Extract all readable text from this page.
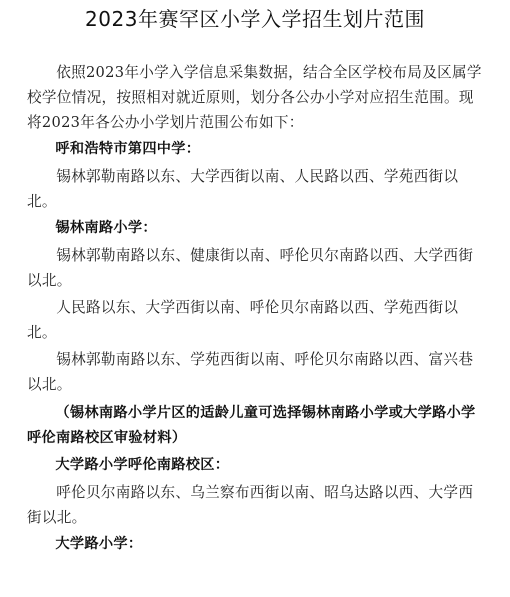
2023年赛罕区小学入学招生划片范围
依照2023年小学入学信息采集数据，结合全区学校布局及区属学校学位情况，按照相对就近原则，划分各公办小学对应招生范围。现将2023年各公办小学划片范围公布如下：
呼和浩特市第四中学：
锡林郭勒南路以东、大学西街以南、人民路以西、学苑西街以北。
锡林南路小学：
锡林郭勒南路以东、健康街以南、呼伦贝尔南路以西、大学西街以北。
人民路以东、大学西街以南、呼伦贝尔南路以西、学苑西街以北。
锡林郭勒南路以东、学苑西街以南、呼伦贝尔南路以西、富兴巷以北。
（锡林南路小学片区的适龄儿童可选择锡林南路小学或大学路小学呼伦南路校区审验材料）
大学路小学呼伦南路校区：
呼伦贝尔南路以东、乌兰察布西街以南、昭乌达路以西、大学西街以北。
大学路小学：
